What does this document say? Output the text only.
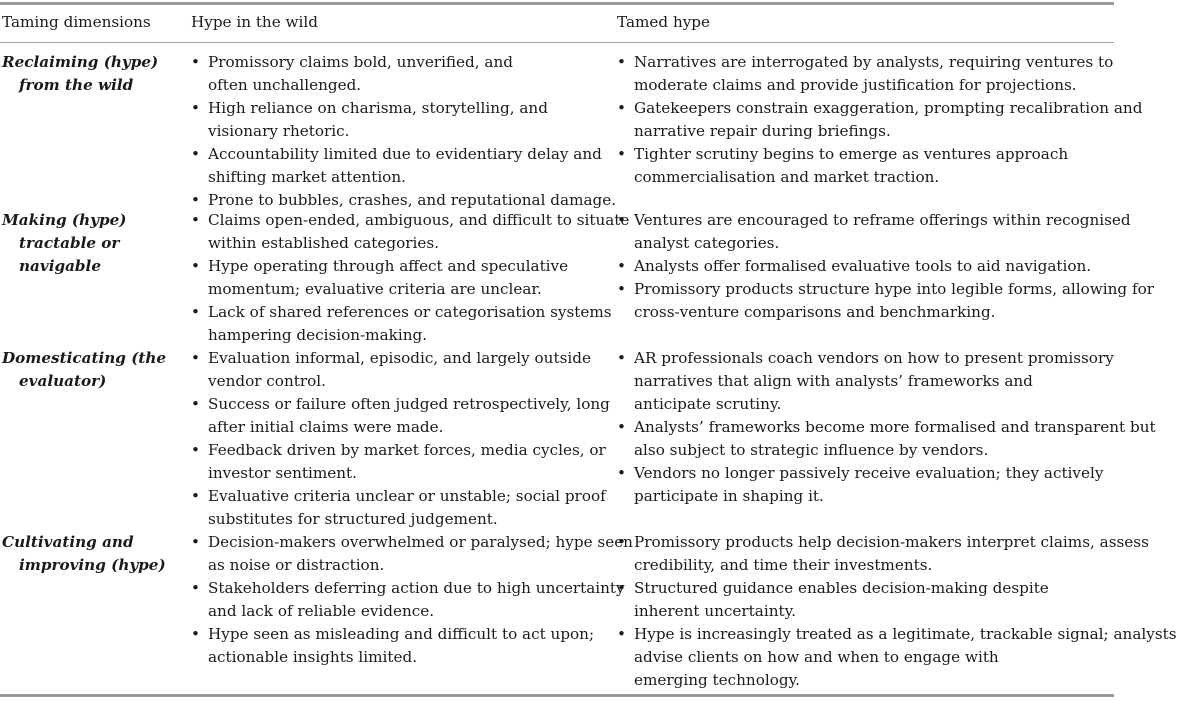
Taming dimensions	Hype in the wild	Tamed hype
Reclaiming (hype)
from the wild
• Promissory claims bold, unverified, and
often unchallenged.
• High reliance on charisma, storytelling, and
visionary rhetoric.
• Accountability limited due to evidentiary delay and
shifting market attention.
• Prone to bubbles, crashes, and reputational damage.
• Narratives are interrogated by analysts, requiring ventures to
moderate claims and provide justification for projections.
• Gatekeepers constrain exaggeration, prompting recalibration and
narrative repair during briefings.
• Tighter scrutiny begins to emerge as ventures approach
commercialisation and market traction.
Making (hype)
tractable or
navigable
• Claims open-ended, ambiguous, and difficult to situate
within established categories.
• Hype operating through affect and speculative
momentum; evaluative criteria are unclear.
• Lack of shared references or categorisation systems
hampering decision-making.
• Ventures are encouraged to reframe offerings within recognised
analyst categories.
• Analysts offer formalised evaluative tools to aid navigation.
• Promissory products structure hype into legible forms, allowing for
cross-venture comparisons and benchmarking.
Domesticating (the
evaluator)
• Evaluation informal, episodic, and largely outside
vendor control.
• Success or failure often judged retrospectively, long
after initial claims were made.
• Feedback driven by market forces, media cycles, or
investor sentiment.
• Evaluative criteria unclear or unstable; social proof
substitutes for structured judgement.
• AR professionals coach vendors on how to present promissory
narratives that align with analysts’ frameworks and
anticipate scrutiny.
• Analysts’ frameworks become more formalised and transparent but
also subject to strategic influence by vendors.
• Vendors no longer passively receive evaluation; they actively
participate in shaping it.
Cultivating and
improving (hype)
• Decision-makers overwhelmed or paralysed; hype seen
as noise or distraction.
• Stakeholders deferring action due to high uncertainty
and lack of reliable evidence.
• Hype seen as misleading and difficult to act upon;
actionable insights limited.
• Promissory products help decision-makers interpret claims, assess
credibility, and time their investments.
• Structured guidance enables decision-making despite
inherent uncertainty.
• Hype is increasingly treated as a legitimate, trackable signal; analysts
advise clients on how and when to engage with
emerging technology.
